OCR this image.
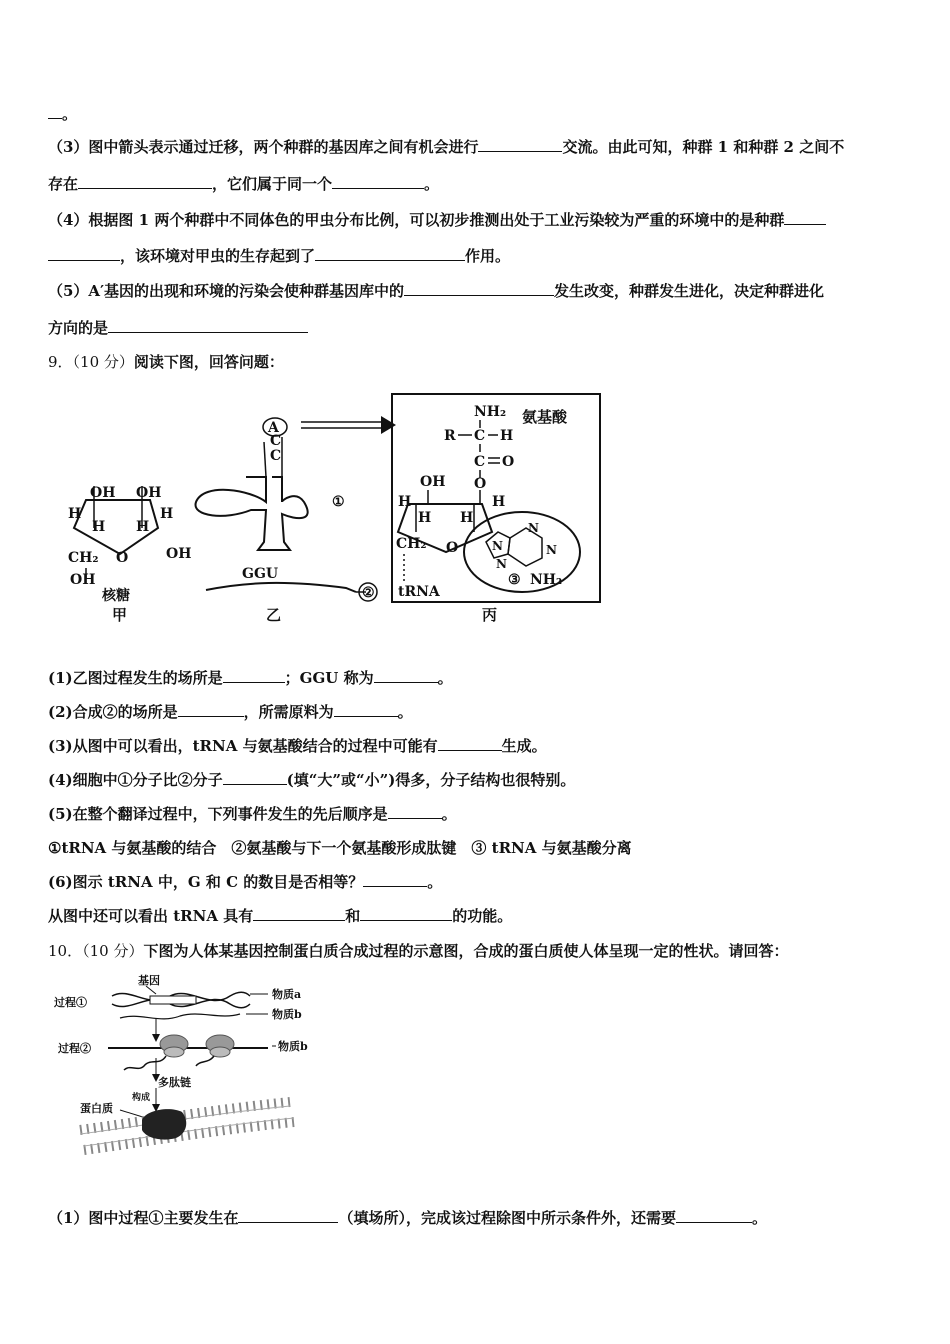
。
（3）图中箭头表示通过迁移，两个种群的基因库之间有机会进行	交流。由此可知，种群 1 和种群 2 之间不
存在	，它们属于同一个	。
（4）根据图 1 两个种群中不同体色的甲虫分布比例，可以初步推测出处于工业污染较为严重的环境中的是种群
，该环境对甲虫的生存起到了	作用。
（5）A′基因的出现和环境的污染会使种群基因库中的	发生改变，种群发生进化，决定种群进化
方向的是
9．（10 分）阅读下图，回答问题：
OH OH
H
H H
H
CH₂ O	OH
OH
核糖
甲
A
C
C
①
GGU
②
乙
NH₂ 氨基酸
R C H
C O
O
OH
H
H H
H
CH₂ O
tRNA
N
N
N
N
③ NH₂
丙
(1)乙图过程发生的场所是	；GGU 称为	。
(2)合成②的场所是	，所需原料为	。
(3)从图中可以看出，tRNA 与氨基酸结合的过程中可能有	生成。
(4)细胞中①分子比②分子	(填“大”或“小”)得多，分子结构也很特别。
(5)在整个翻译过程中，下列事件发生的先后顺序是	。
①tRNA 与氨基酸的结合　②氨基酸与下一个氨基酸形成肽键　③ tRNA 与氨基酸分离
(6)图示 tRNA 中，G 和 C 的数目是否相等？	。
从图中还可以看出 tRNA 具有	和	的功能。
10．（10 分）下图为人体某基因控制蛋白质合成过程的示意图，合成的蛋白质使人体呈现一定的性状。请回答：
基因
过程①
物质a
物质b
过程②	物质b
多肽链
构成
蛋白质
（1）图中过程①主要发生在	（填场所），完成该过程除图中所示条件外，还需要	。
